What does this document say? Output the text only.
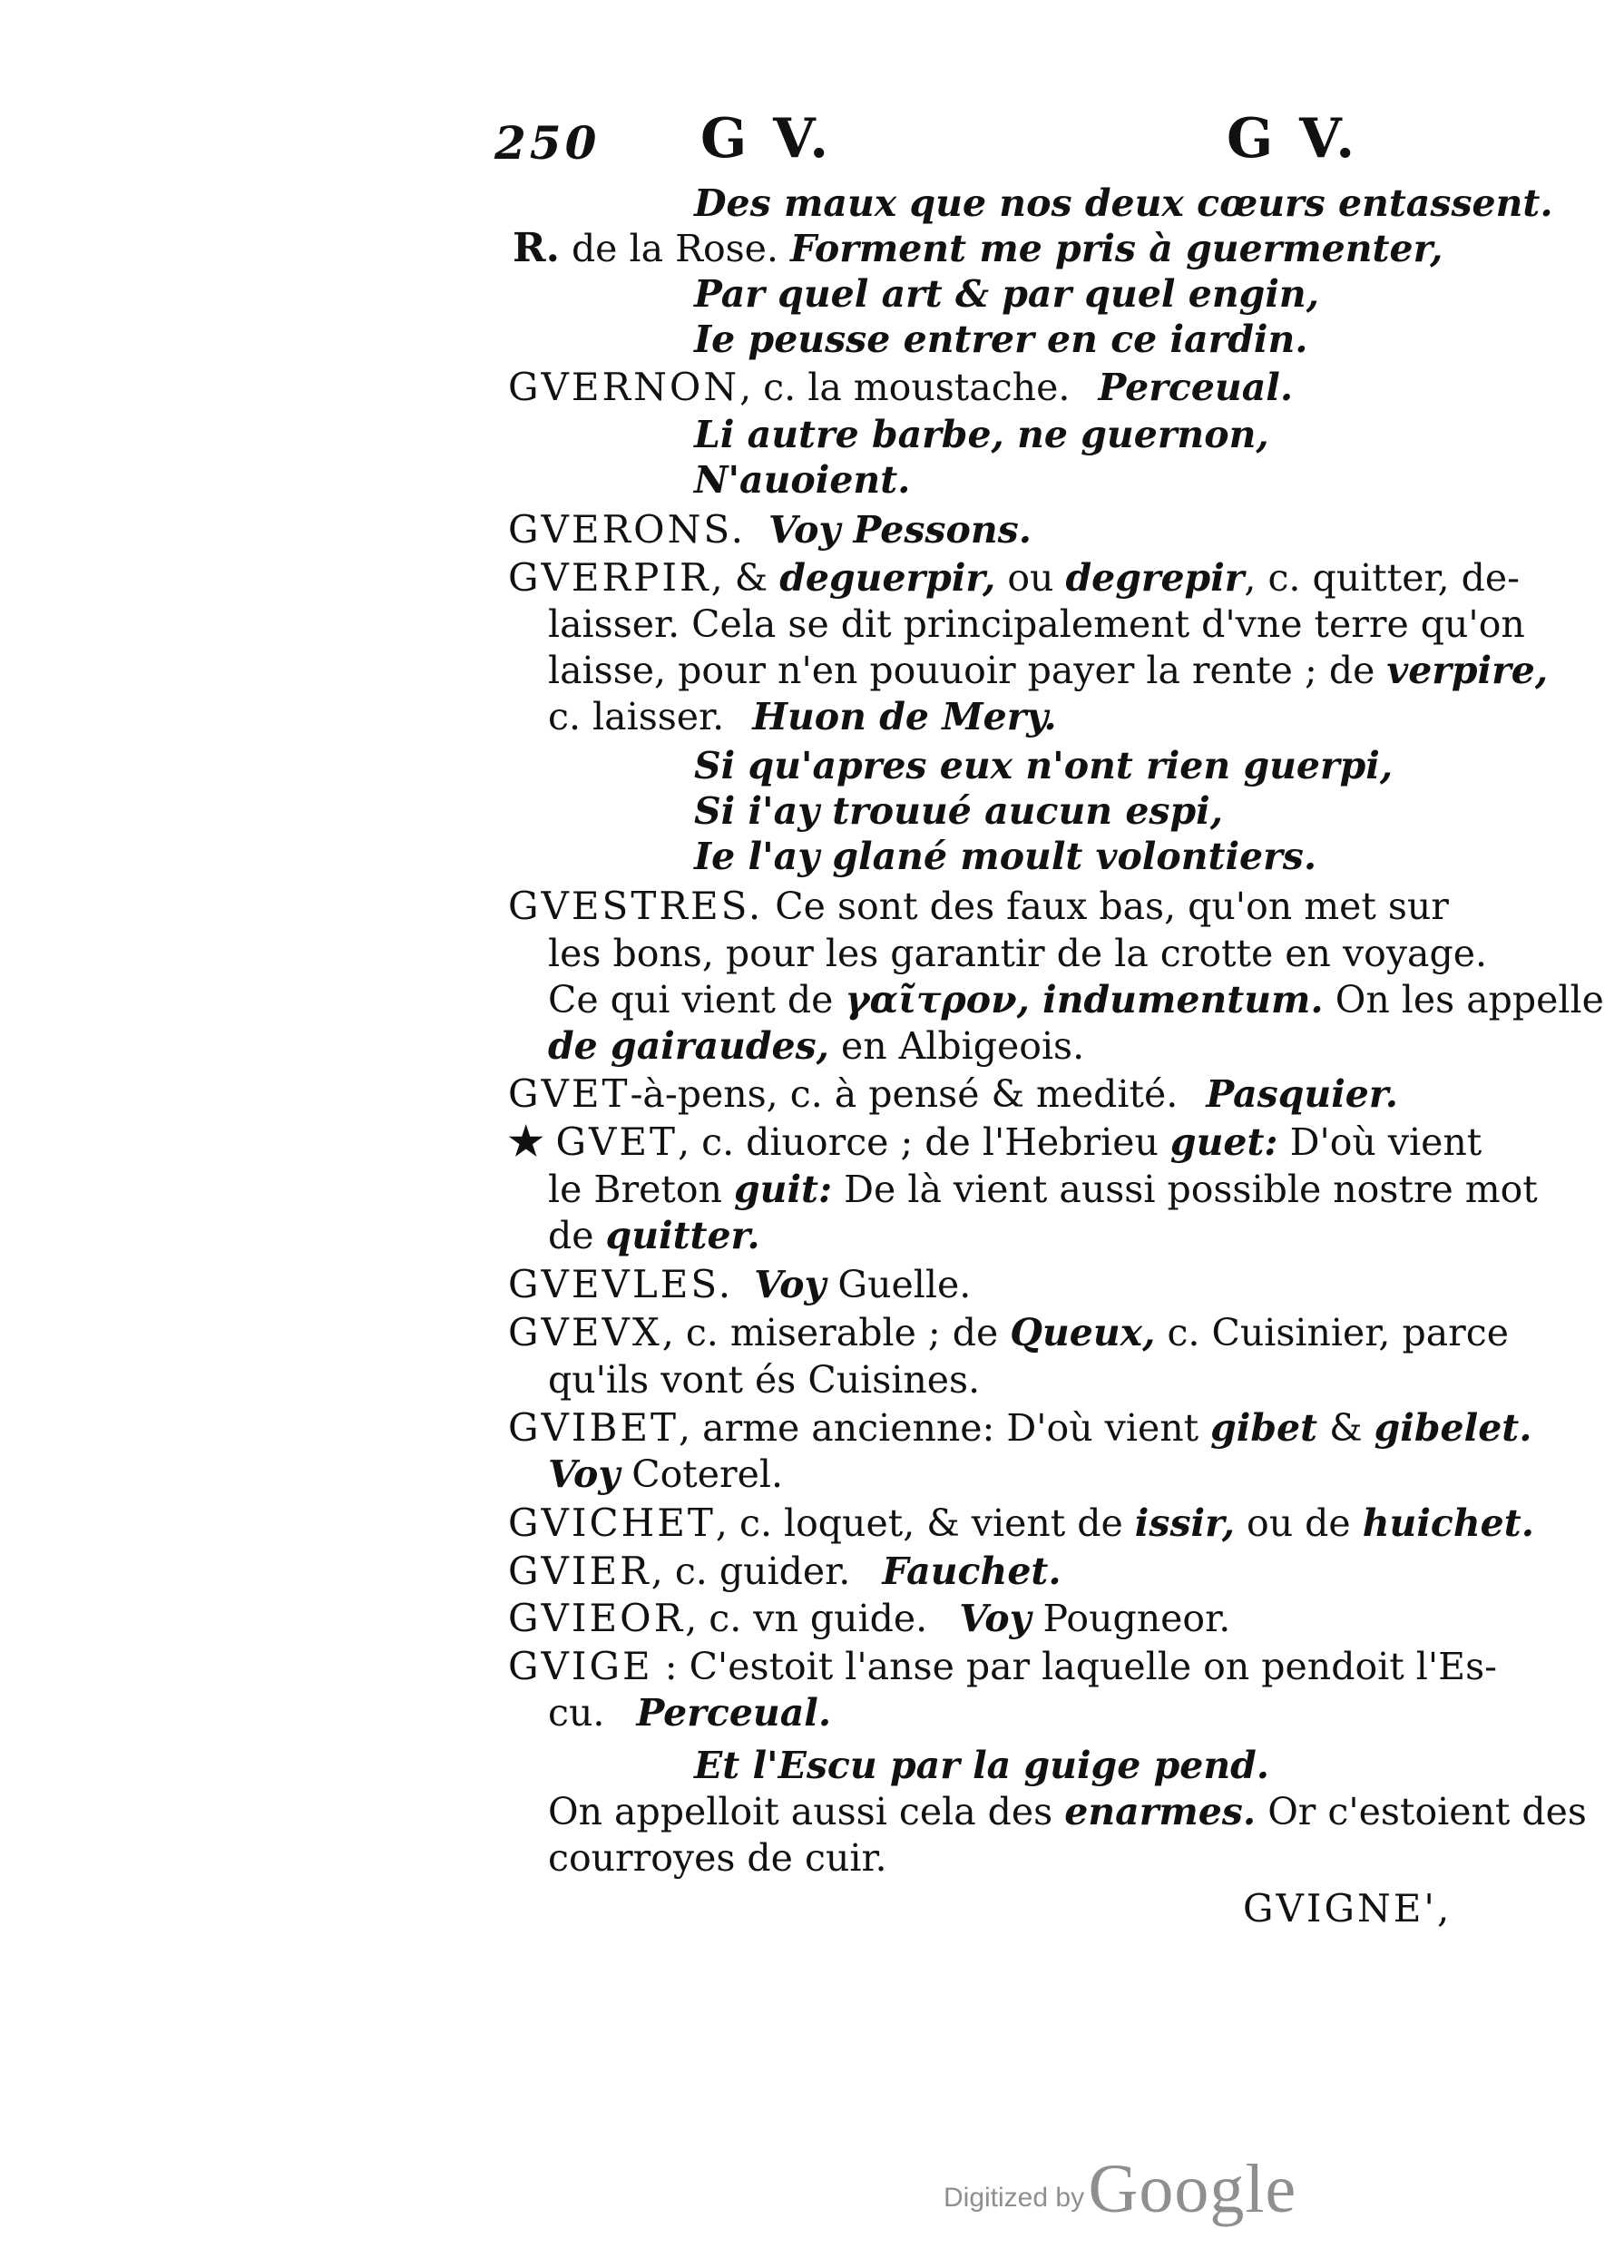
250 G V.	G V.
Des maux que nos deux cœurs entassent.
R. de la Rose. Forment me pris à guermenter,
Par quel art & par quel engin,
Ie peusse entrer en ce iardin.
GVERNON, c. la moustache. Perceual.
Li autre barbe, ne guernon,
N'auoient.
GVERONS. Voy Pessons.
GVERPIR, & deguerpir, ou degrepir, c. quitter, de-
laisser. Cela se dit principalement d'vne terre qu'on
laisse, pour n'en pouuoir payer la rente ; de verpire,
c. laisser. Huon de Mery.
Si qu'apres eux n'ont rien guerpi,
Si i'ay trouué aucun espi,
Ie l'ay glané moult volontiers.
GVESTRES. Ce sont des faux bas, qu'on met sur
les bons, pour les garantir de la crotte en voyage.
Ce qui vient de γαῖτρον, indumentum. On les appelle
de gairaudes, en Albigeois.
GVET-à-pens, c. à pensé & medité. Pasquier.
★ GVET, c. diuorce ; de l'Hebrieu guet: D'où vient
le Breton guit: De là vient aussi possible nostre mot
de quitter.
GVEVLES. Voy Guelle.
GVEVX, c. miserable ; de Queux, c. Cuisinier, parce
qu'ils vont és Cuisines.
GVIBET, arme ancienne: D'où vient gibet & gibelet.
Voy Coterel.
GVICHET, c. loquet, & vient de issir, ou de huichet.
GVIER, c. guider. Fauchet.
GVIEOR, c. vn guide. Voy Pougneor.
GVIGE : C'estoit l'anse par laquelle on pendoit l'Es-
cu. Perceual.
Et l'Escu par la guige pend.
On appelloit aussi cela des enarmes. Or c'estoient des
courroyes de cuir.
GVIGNE',
Digitized by Google
